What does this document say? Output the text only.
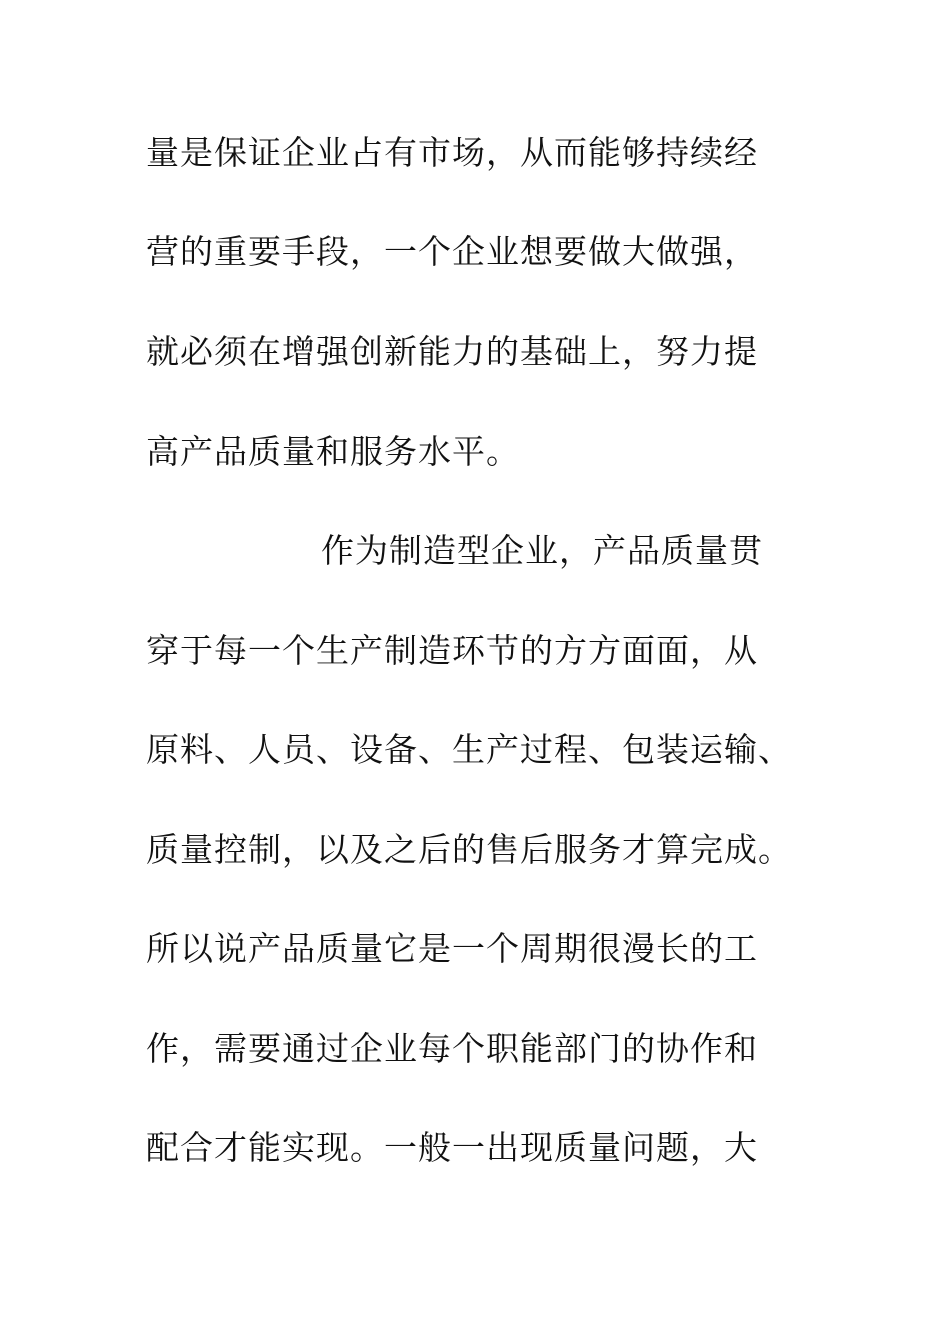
量是保证企业占有市场，从而能够持续经

营的重要手段，一个企业想要做大做强，

就必须在增强创新能力的基础上，努力提

高产品质量和服务水平。

作为制造型企业，产品质量贯

穿于每一个生产制造环节的方方面面，从

原料、人员、设备、生产过程、包装运输、

质量控制，以及之后的售后服务才算完成。

所以说产品质量它是一个周期很漫长的工

作，需要通过企业每个职能部门的协作和

配合才能实现。一般一出现质量问题，大
